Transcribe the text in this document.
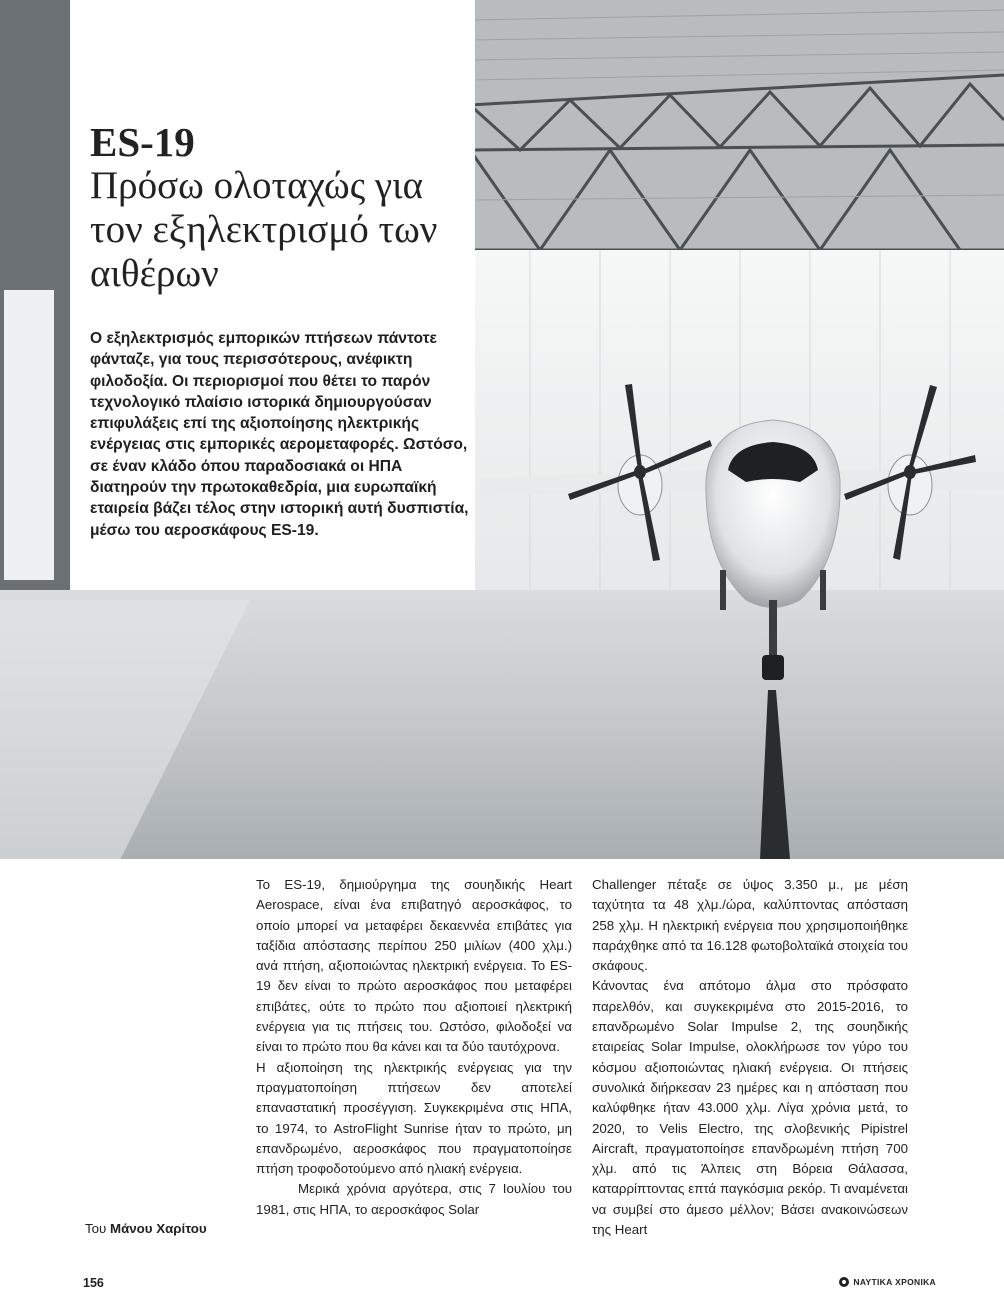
ES-19
Πρόσω ολοταχώς για τον εξηλεκτρισμό των αιθέρων

Ο εξηλεκτρισμός εμπορικών πτήσεων πάντοτε φάνταζε, για τους περισσότερους, ανέφικτη φιλοδοξία. Οι περιορισμοί που θέτει το παρόν τεχνολογικό πλαίσιο ιστορικά δημιουργούσαν επιφυλάξεις επί της αξιοποίησης ηλεκτρικής ενέργειας στις εμπορικές αερομεταφορές. Ωστόσο, σε έναν κλάδο όπου παραδοσιακά οι ΗΠΑ διατηρούν την πρωτοκαθεδρία, μια ευρωπαϊκή εταιρεία βάζει τέλος στην ιστορική αυτή δυσπιστία, μέσω του αεροσκάφους ES-19.

Το ES-19, δημιούργημα της σουηδικής Heart Aerospace, είναι ένα επιβατηγό αεροσκάφος, το οποίο μπορεί να μεταφέρει δεκαεννέα επιβάτες για ταξίδια απόστασης περίπου 250 μιλίων (400 χλμ.) ανά πτήση, αξιοποιώντας ηλεκτρική ενέργεια. Το ES-19 δεν είναι το πρώτο αεροσκάφος που μεταφέρει επιβάτες, ούτε το πρώτο που αξιοποιεί ηλεκτρική ενέργεια για τις πτήσεις του. Ωστόσο, φιλοδοξεί να είναι το πρώτο που θα κάνει και τα δύο ταυτόχρονα.

Η αξιοποίηση της ηλεκτρικής ενέργειας για την πραγματοποίηση πτήσεων δεν αποτελεί επαναστατική προσέγγιση. Συγκεκριμένα στις ΗΠΑ, το 1974, το AstroFlight Sunrise ήταν το πρώτο, μη επανδρωμένο, αεροσκάφος που πραγματοποίησε πτήση τροφοδοτούμενο από ηλιακή ενέργεια.

Μερικά χρόνια αργότερα, στις 7 Ιουλίου του 1981, στις ΗΠΑ, το αεροσκάφος Solar

Challenger πέταξε σε ύψος 3.350 μ., με μέση ταχύτητα τα 48 χλμ./ώρα, καλύπτοντας απόσταση 258 χλμ. Η ηλεκτρική ενέργεια που χρησιμοποιήθηκε παράχθηκε από τα 16.128 φωτοβολταϊκά στοιχεία του σκάφους.

Κάνοντας ένα απότομο άλμα στο πρόσφατο παρελθόν, και συγκεκριμένα στο 2015-2016, το επανδρωμένο Solar Impulse 2, της σουηδικής εταιρείας Solar Impulse, ολοκλήρωσε τον γύρο του κόσμου αξιοποιώντας ηλιακή ενέργεια. Οι πτήσεις συνολικά διήρκεσαν 23 ημέρες και η απόσταση που καλύφθηκε ήταν 43.000 χλμ. Λίγα χρόνια μετά, το 2020, το Velis Electro, της σλοβενικής Pipistrel Aircraft, πραγματοποίησε επανδρωμένη πτήση 700 χλμ. από τις Άλπεις στη Βόρεια Θάλασσα, καταρρίπτοντας επτά παγκόσμια ρεκόρ. Τι αναμένεται να συμβεί στο άμεσο μέλλον; Βάσει ανακοινώσεων της Heart

Του Μάνου Χαρίτου
156	ΝΑΥΤΙΚΑ ΧΡΟΝΙΚΑ
